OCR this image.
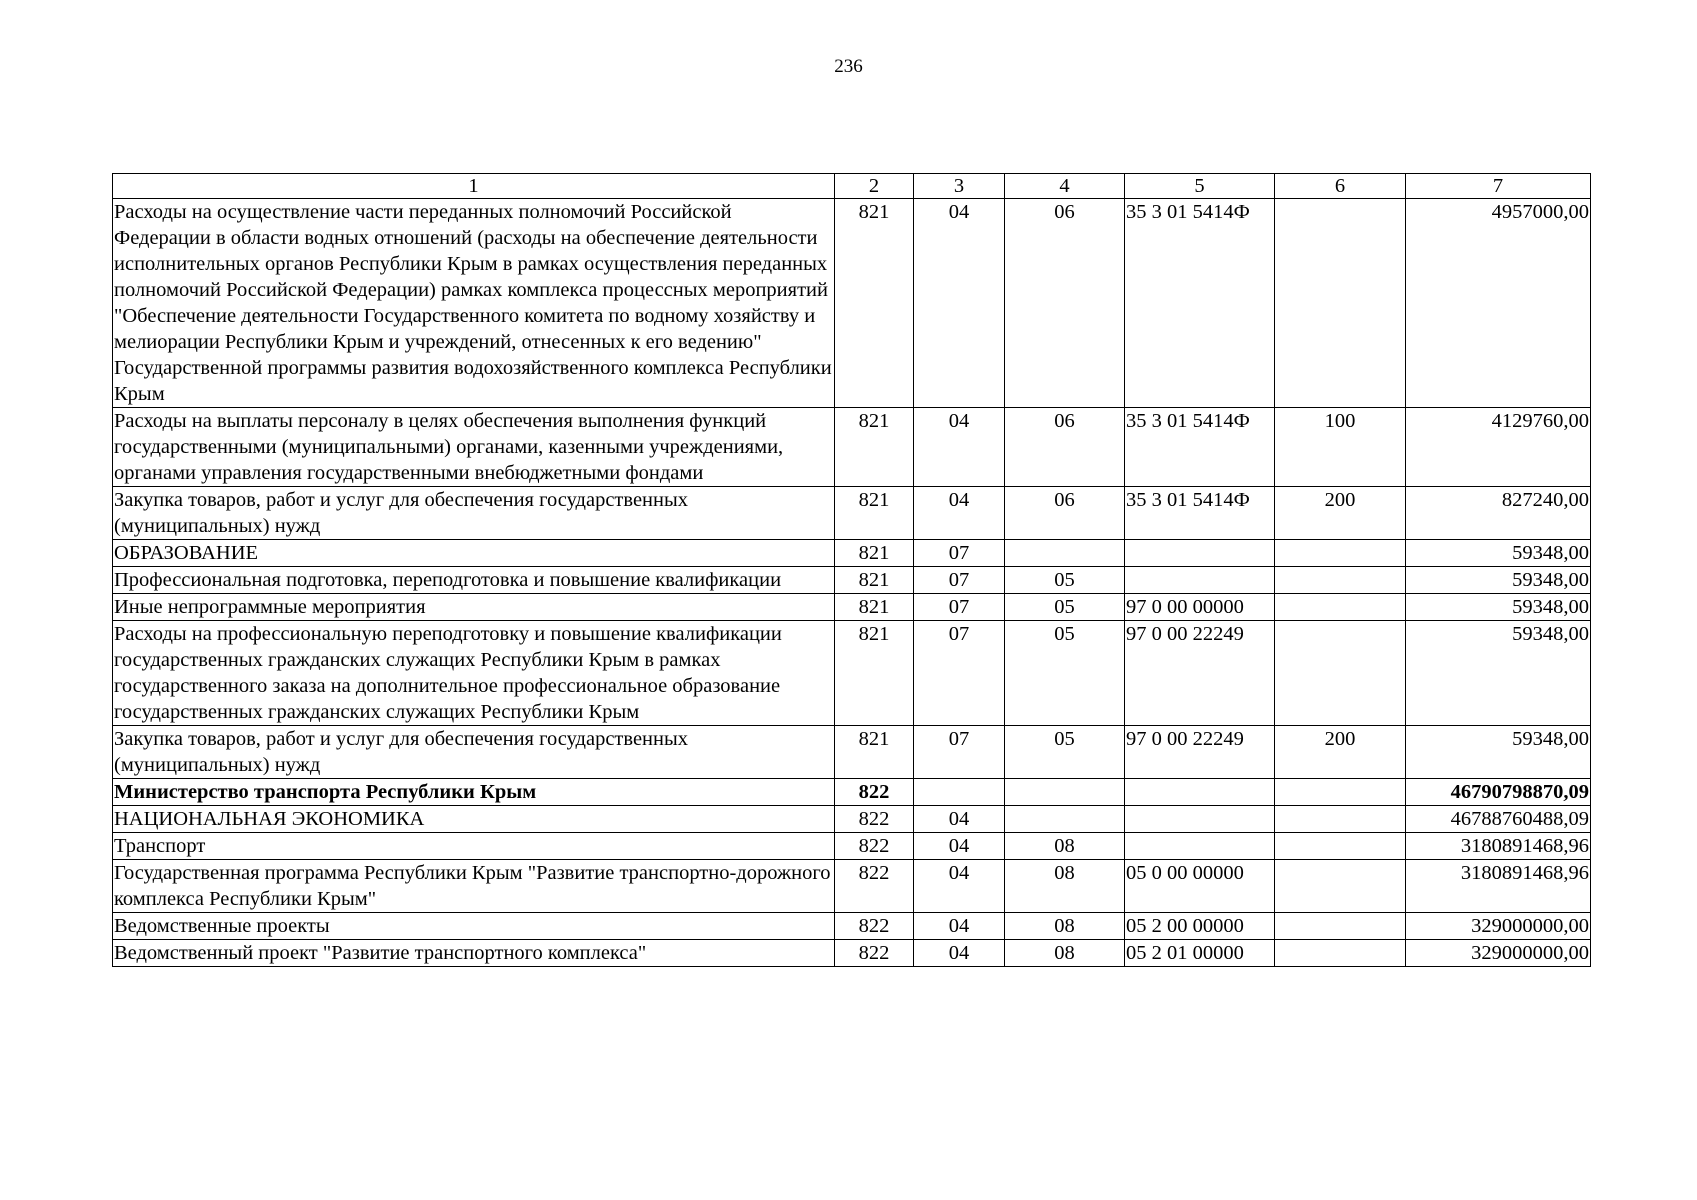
236
1	2	3	4	5	6	7
Расходы на осуществление части переданных полномочий Российской Федерации в области водных отношений (расходы на обеспечение деятельности исполнительных органов Республики Крым в рамках осуществления переданных полномочий Российской Федерации) рамках комплекса процессных мероприятий "Обеспечение деятельности Государственного комитета по водному хозяйству и мелиорации Республики Крым и учреждений, отнесенных к его ведению" Государственной программы развития водохозяйственного комплекса Республики Крым	821	04	06	35 3 01 5414Ф		4957000,00
Расходы на выплаты персоналу в целях обеспечения выполнения функций государственными (муниципальными) органами, казенными учреждениями, органами управления государственными внебюджетными фондами	821	04	06	35 3 01 5414Ф	100	4129760,00
Закупка товаров, работ и услуг для обеспечения государственных (муниципальных) нужд	821	04	06	35 3 01 5414Ф	200	827240,00
ОБРАЗОВАНИЕ	821	07				59348,00
Профессиональная подготовка, переподготовка и повышение квалификации	821	07	05			59348,00
Иные непрограммные мероприятия	821	07	05	97 0 00 00000		59348,00
Расходы на профессиональную переподготовку и повышение квалификации государственных гражданских служащих Республики Крым в рамках государственного заказа на дополнительное профессиональное образование государственных гражданских служащих Республики Крым	821	07	05	97 0 00 22249		59348,00
Закупка товаров, работ и услуг для обеспечения государственных (муниципальных) нужд	821	07	05	97 0 00 22249	200	59348,00
Министерство транспорта Республики Крым	822					46790798870,09
НАЦИОНАЛЬНАЯ ЭКОНОМИКА	822	04				46788760488,09
Транспорт	822	04	08			3180891468,96
Государственная программа Республики Крым "Развитие транспортно-дорожного комплекса Республики Крым"	822	04	08	05 0 00 00000		3180891468,96
Ведомственные проекты	822	04	08	05 2 00 00000		329000000,00
Ведомственный проект "Развитие транспортного комплекса"	822	04	08	05 2 01 00000		329000000,00
